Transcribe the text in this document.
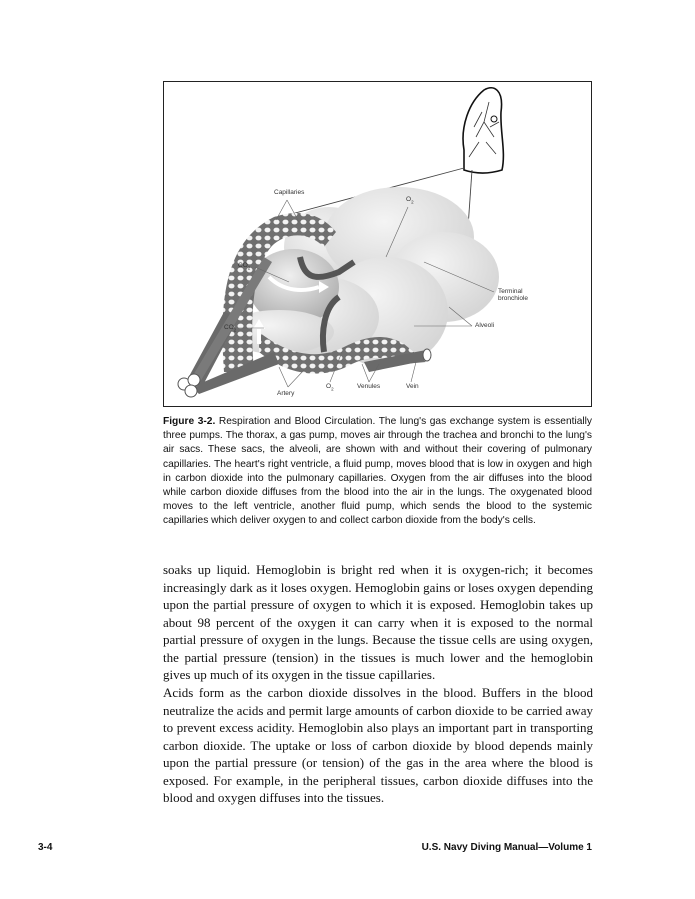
Capillaries
$O_2$
$CO_2$
$CO_2$
Terminal
bronchiole
Alveoli
Artery
$O_2$	Venules	Vein

Figure 3-2. Respiration and Blood Circulation. The lung's gas exchange system is essentially three pumps. The thorax, a gas pump, moves air through the trachea and bronchi to the lung's air sacs. These sacs, the alveoli, are shown with and without their covering of pulmonary capillaries. The heart's right ventricle, a fluid pump, moves blood that is low in oxygen and high in carbon dioxide into the pulmonary capillaries. Oxygen from the air diffuses into the blood while carbon dioxide diffuses from the blood into the air in the lungs. The oxygenated blood moves to the left ventricle, another fluid pump, which sends the blood to the systemic capillaries which deliver oxygen to and collect carbon dioxide from the body's cells.

soaks up liquid. Hemoglobin is bright red when it is oxygen-rich; it becomes increasingly dark as it loses oxygen. Hemoglobin gains or loses oxygen depending upon the partial pressure of oxygen to which it is exposed. Hemoglobin takes up about 98 percent of the oxygen it can carry when it is exposed to the normal partial pressure of oxygen in the lungs. Because the tissue cells are using oxygen, the partial pressure (tension) in the tissues is much lower and the hemoglobin gives up much of its oxygen in the tissue capillaries.

Acids form as the carbon dioxide dissolves in the blood. Buffers in the blood neutralize the acids and permit large amounts of carbon dioxide to be carried away to prevent excess acidity. Hemoglobin also plays an important part in transporting carbon dioxide. The uptake or loss of carbon dioxide by blood depends mainly upon the partial pressure (or tension) of the gas in the area where the blood is exposed. For example, in the peripheral tissues, carbon dioxide diffuses into the blood and oxygen diffuses into the tissues.

3-4	U.S. Navy Diving Manual—Volume 1
